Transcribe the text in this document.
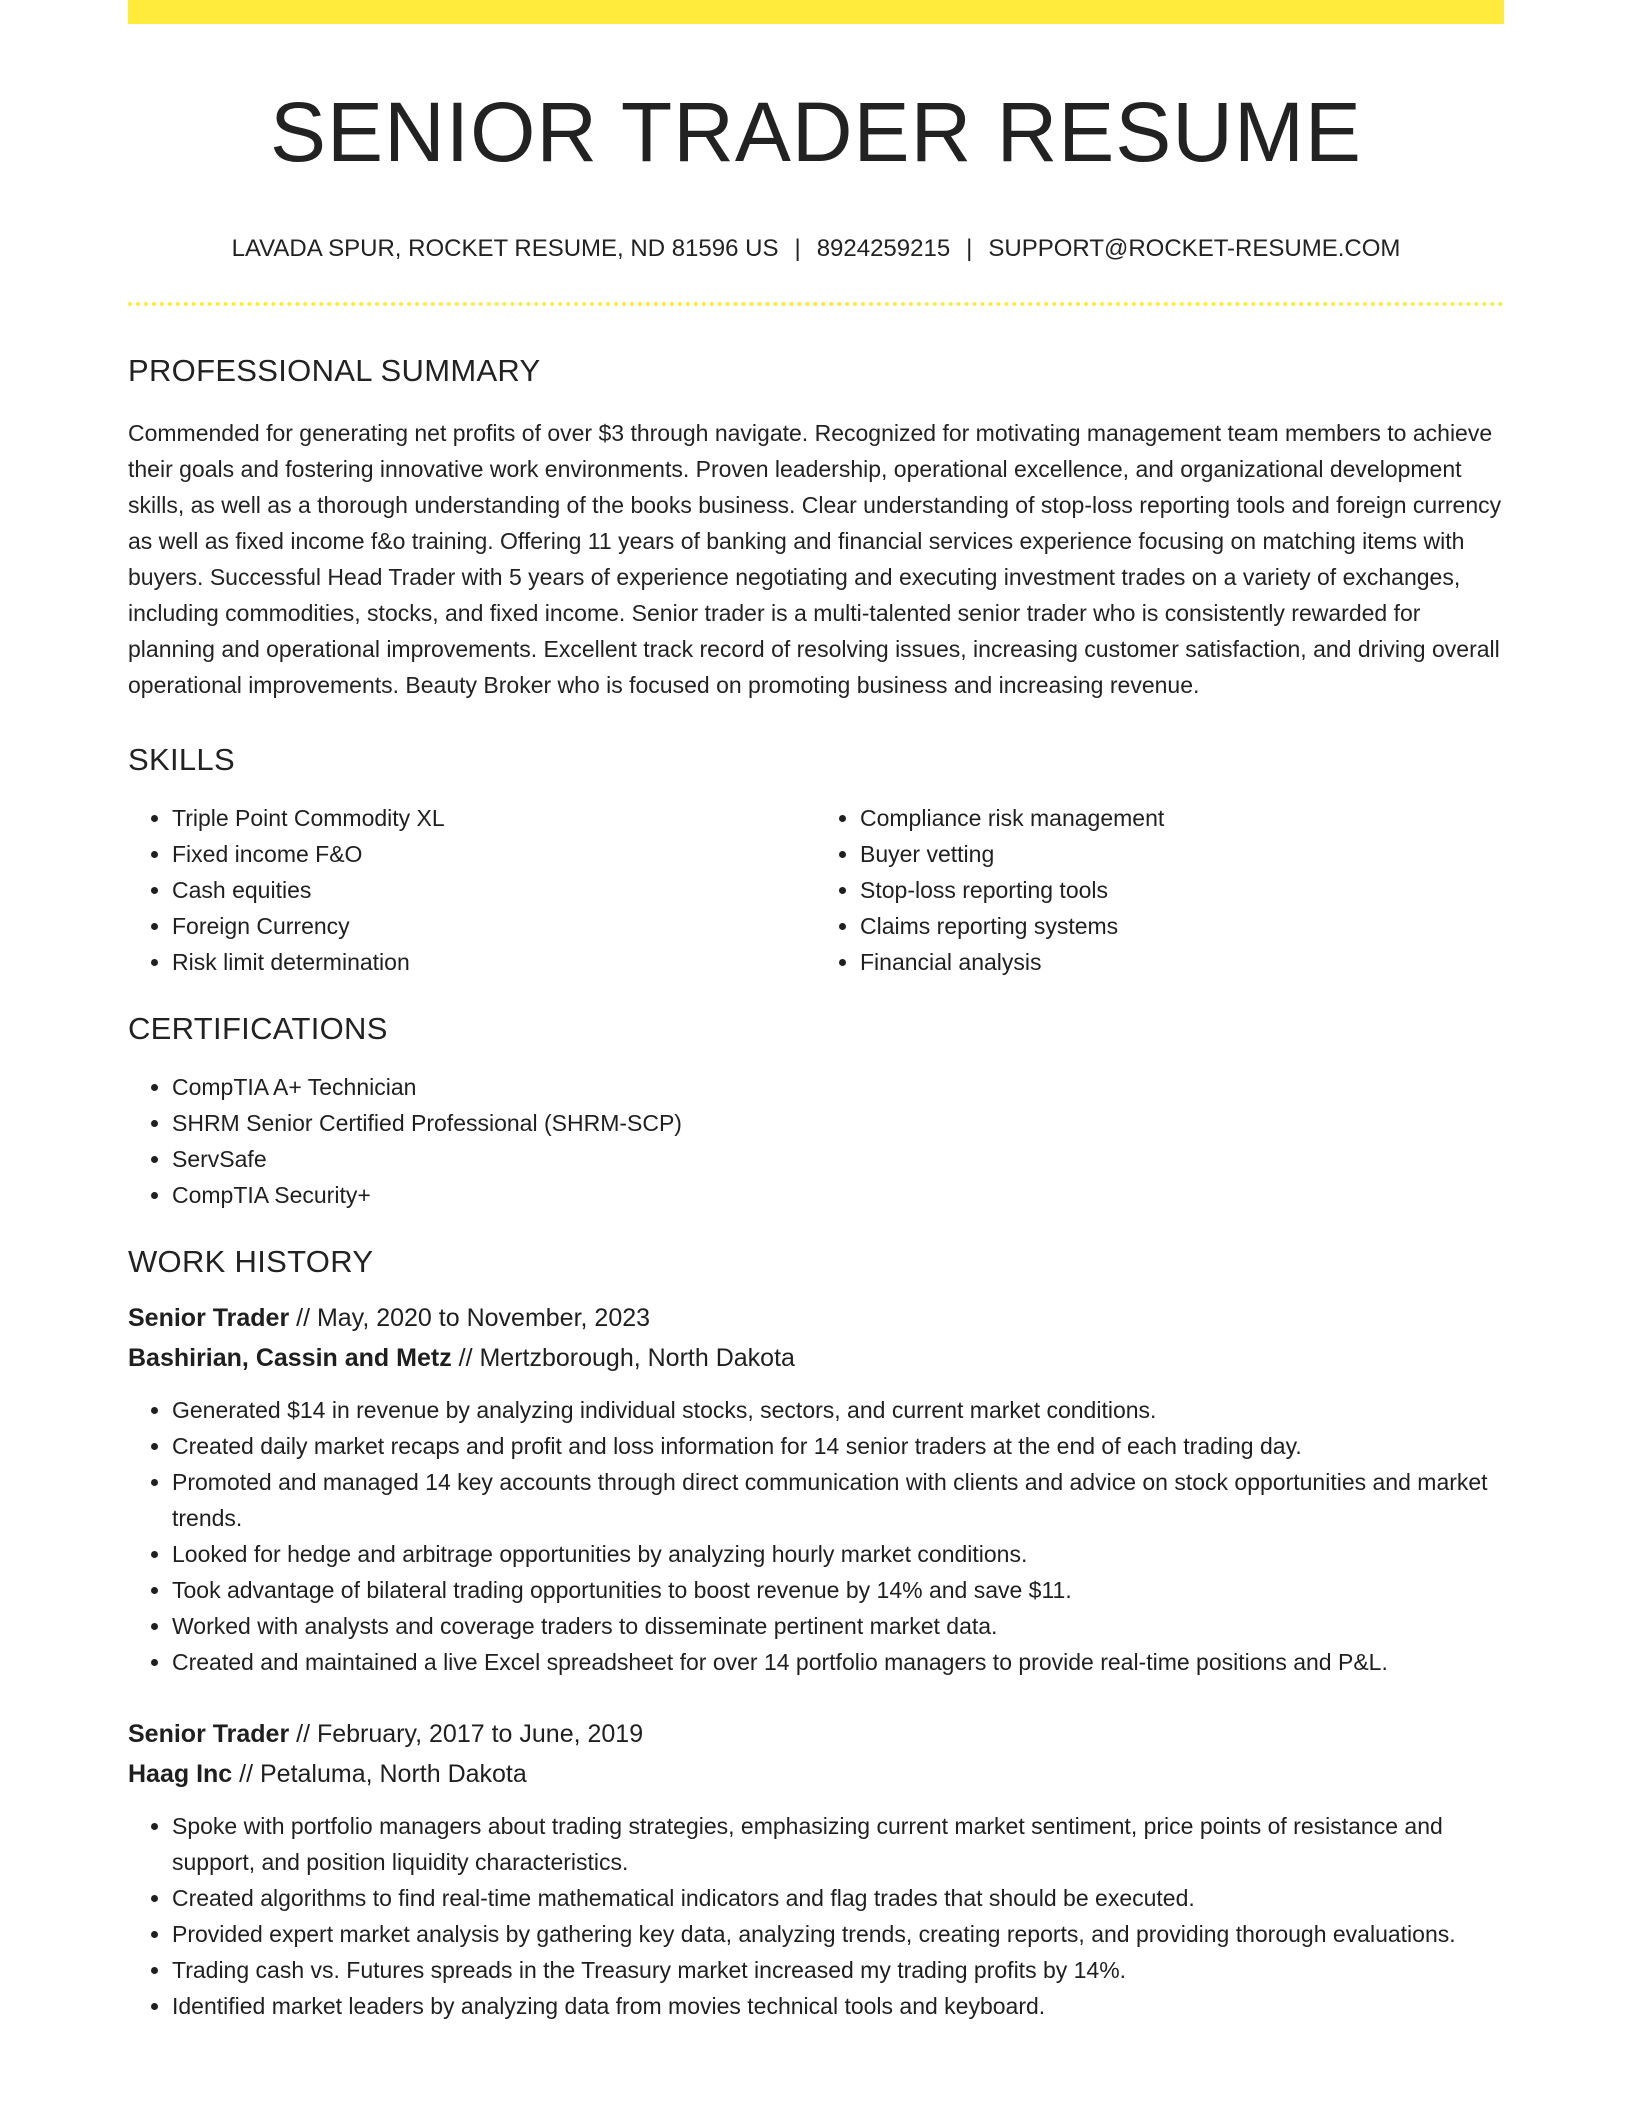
SENIOR TRADER RESUME
LAVADA SPUR, ROCKET RESUME, ND 81596 US | 8924259215 | SUPPORT@ROCKET-RESUME.COM
PROFESSIONAL SUMMARY

Commended for generating net profits of over $3 through navigate. Recognized for motivating management team members to achieve their goals and fostering innovative work environments. Proven leadership, operational excellence, and organizational development skills, as well as a thorough understanding of the books business. Clear understanding of stop-loss reporting tools and foreign currency as well as fixed income f&o training. Offering 11 years of banking and financial services experience focusing on matching items with buyers. Successful Head Trader with 5 years of experience negotiating and executing investment trades on a variety of exchanges, including commodities, stocks, and fixed income. Senior trader is a multi-talented senior trader who is consistently rewarded for planning and operational improvements. Excellent track record of resolving issues, increasing customer satisfaction, and driving overall operational improvements. Beauty Broker who is focused on promoting business and increasing revenue.

SKILLS
• Triple Point Commodity XL
• Fixed income F&O
• Cash equities
• Foreign Currency
• Risk limit determination
• Compliance risk management
• Buyer vetting
• Stop-loss reporting tools
• Claims reporting systems
• Financial analysis
CERTIFICATIONS
• CompTIA A+ Technician
• SHRM Senior Certified Professional (SHRM-SCP)
• ServSafe
• CompTIA Security+
WORK HISTORY
Senior Trader // May, 2020 to November, 2023
Bashirian, Cassin and Metz // Mertzborough, North Dakota
• Generated $14 in revenue by analyzing individual stocks, sectors, and current market conditions.
• Created daily market recaps and profit and loss information for 14 senior traders at the end of each trading day.
• Promoted and managed 14 key accounts through direct communication with clients and advice on stock opportunities and market trends.
• Looked for hedge and arbitrage opportunities by analyzing hourly market conditions.
• Took advantage of bilateral trading opportunities to boost revenue by 14% and save $11.
• Worked with analysts and coverage traders to disseminate pertinent market data.
• Created and maintained a live Excel spreadsheet for over 14 portfolio managers to provide real-time positions and P&L.
Senior Trader // February, 2017 to June, 2019
Haag Inc // Petaluma, North Dakota
• Spoke with portfolio managers about trading strategies, emphasizing current market sentiment, price points of resistance and support, and position liquidity characteristics.
• Created algorithms to find real-time mathematical indicators and flag trades that should be executed.
• Provided expert market analysis by gathering key data, analyzing trends, creating reports, and providing thorough evaluations.
• Trading cash vs. Futures spreads in the Treasury market increased my trading profits by 14%.
• Identified market leaders by analyzing data from movies technical tools and keyboard.
